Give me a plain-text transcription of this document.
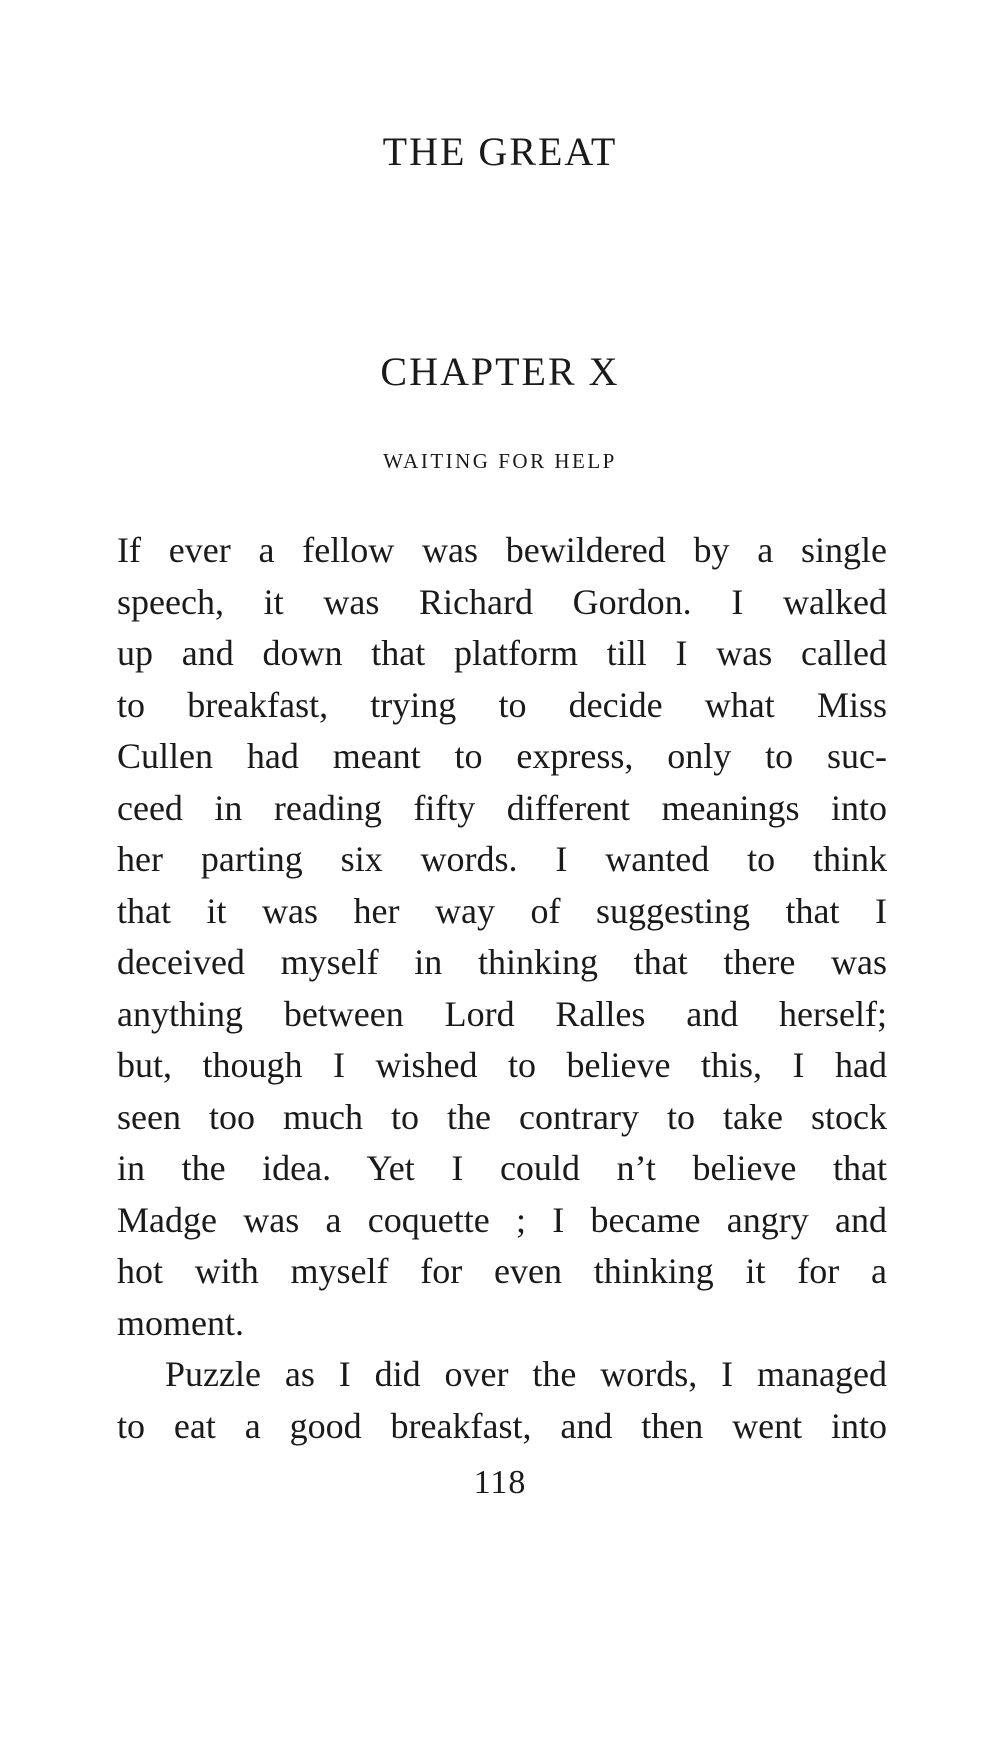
THE GREAT
CHAPTER X
WAITING FOR HELP
If ever a fellow was bewildered by a single
speech, it was Richard Gordon. I walked
up and down that platform till I was called
to breakfast, trying to decide what Miss
Cullen had meant to express, only to suc-
ceed in reading fifty different meanings into
her parting six words. I wanted to think
that it was her way of suggesting that I
deceived myself in thinking that there was
anything between Lord Ralles and herself;
but, though I wished to believe this, I had
seen too much to the contrary to take stock
in the idea. Yet I could n’t believe that
Madge was a coquette ; I became angry and
hot with myself for even thinking it for a
moment.
Puzzle as I did over the words, I managed
to eat a good breakfast, and then went into
118
